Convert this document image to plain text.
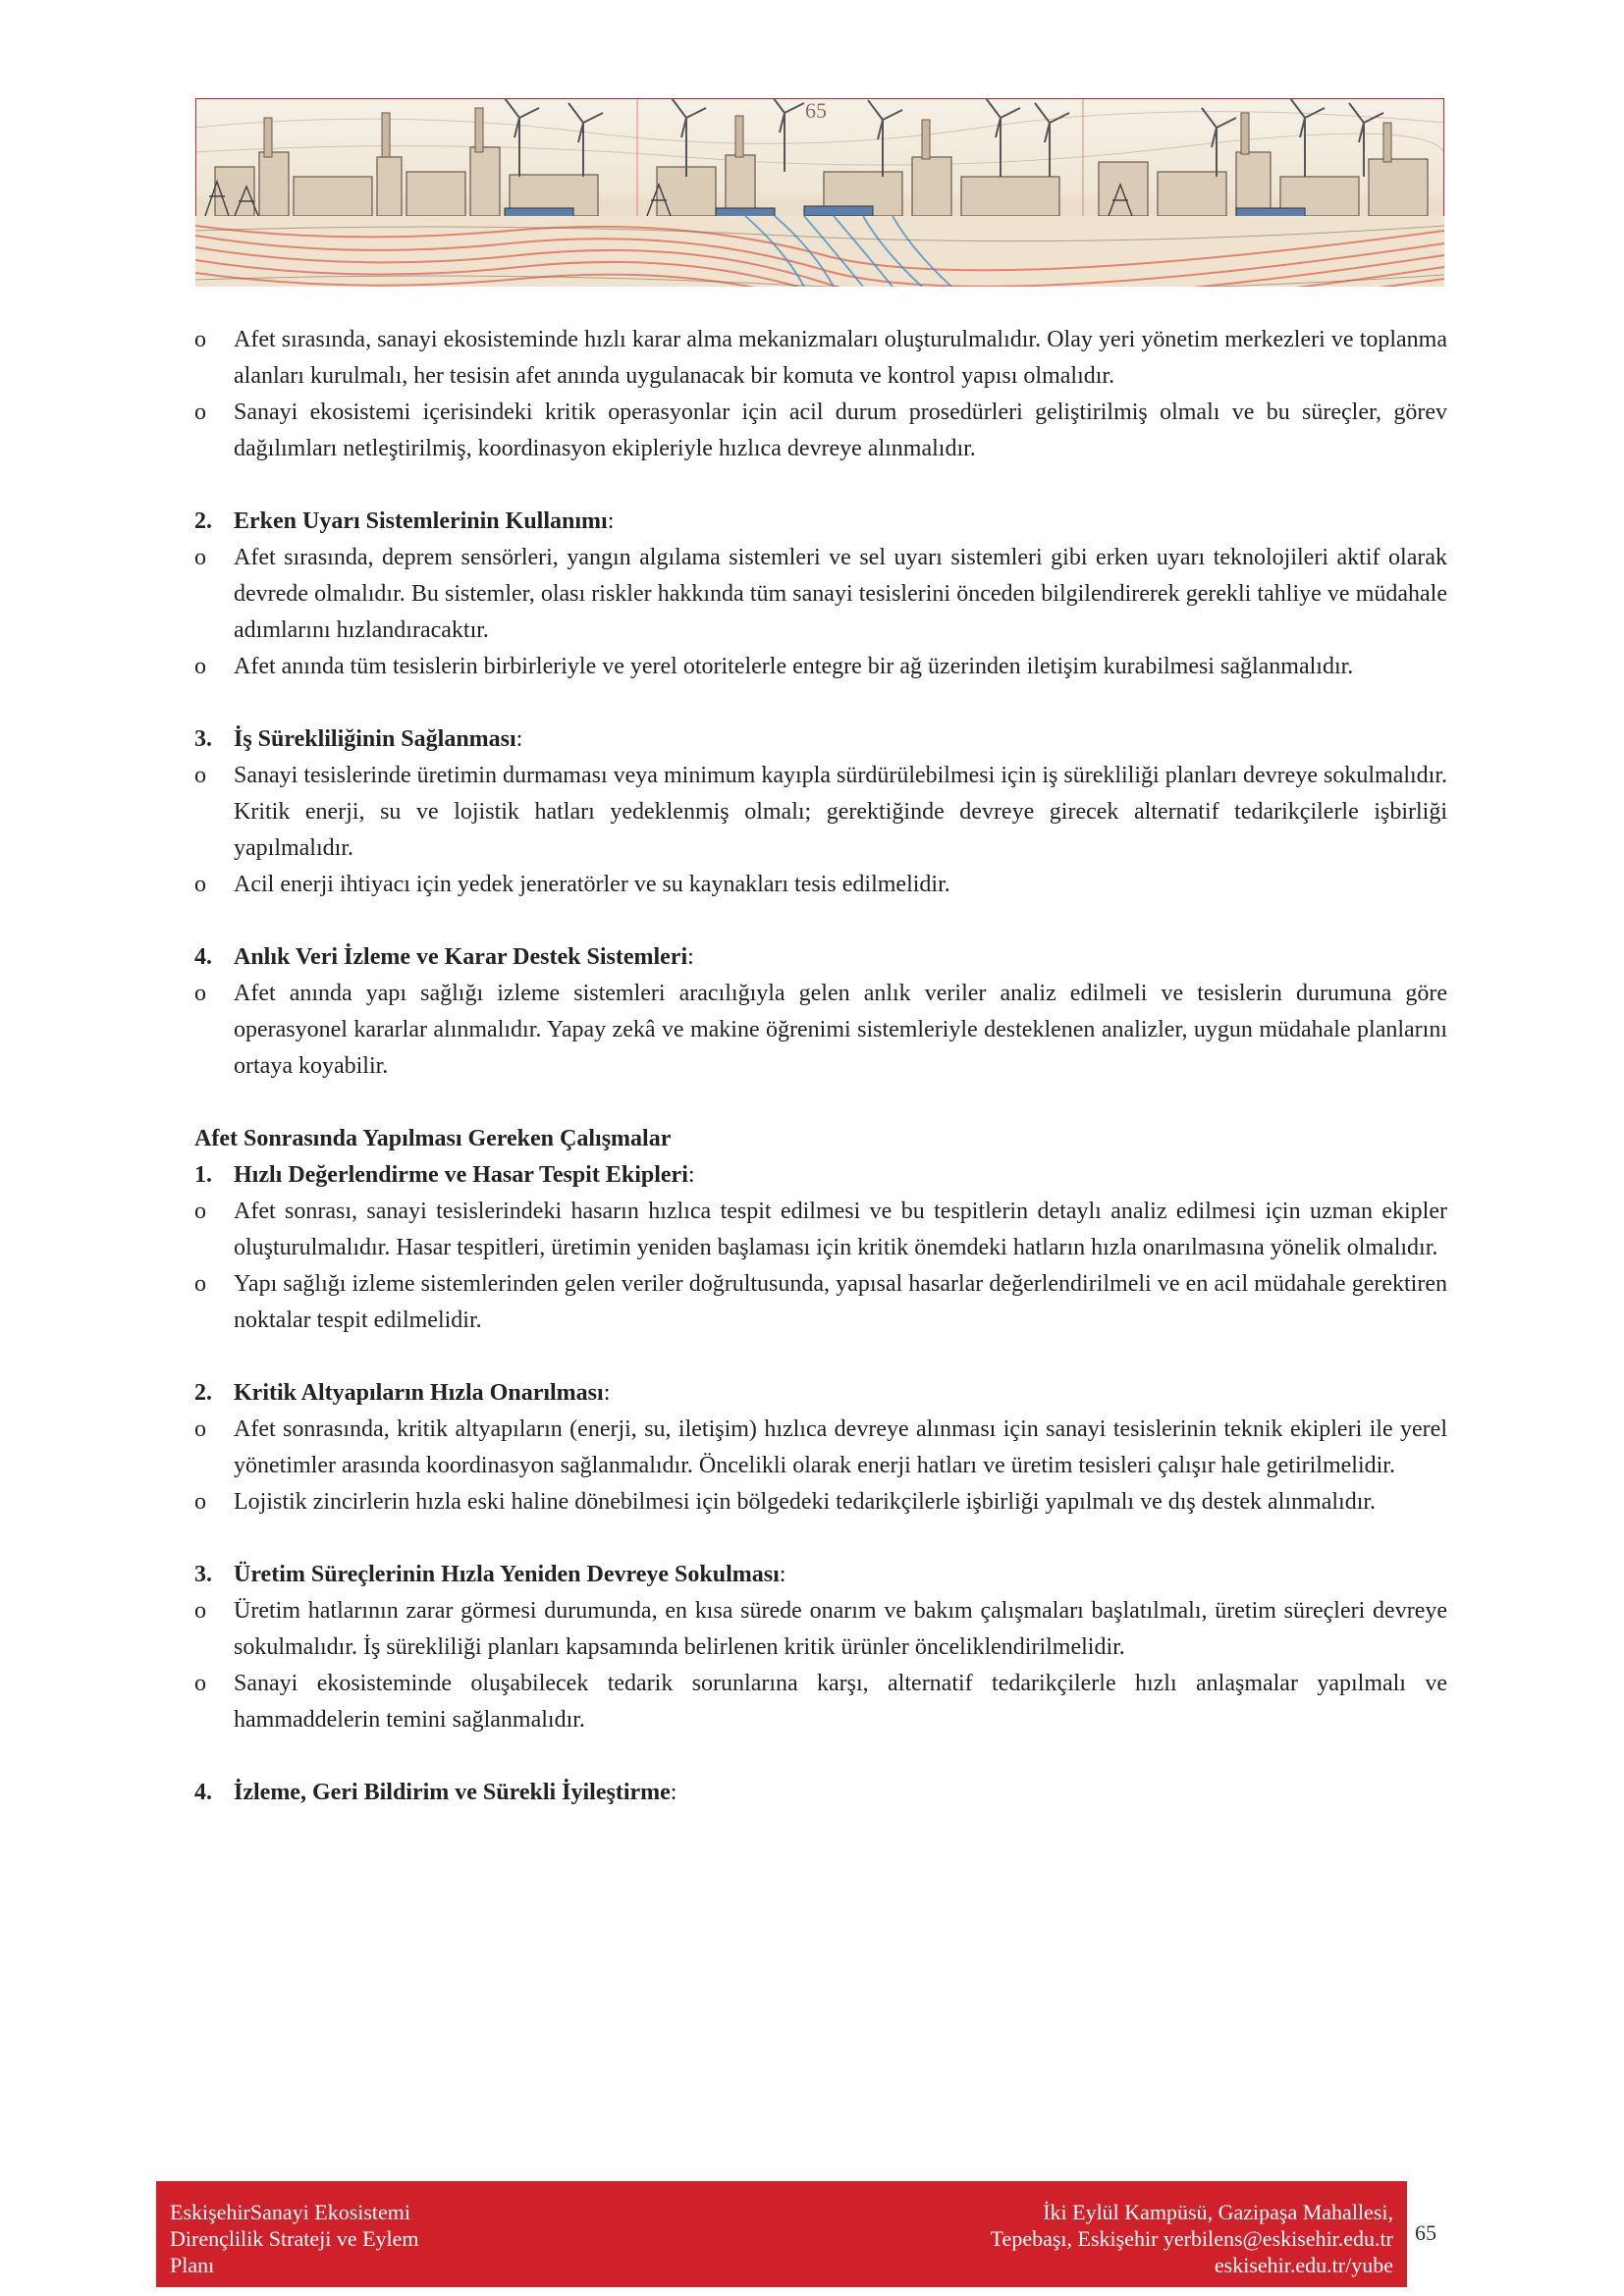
65
o	Afet sırasında, sanayi ekosisteminde hızlı karar alma mekanizmaları oluşturulmalıdır. Olay yeri yönetim merkezleri ve toplanma alanları kurulmalı, her tesisin afet anında uygulanacak bir komuta ve kontrol yapısı olmalıdır.
o	Sanayi ekosistemi içerisindeki kritik operasyonlar için acil durum prosedürleri geliştirilmiş olmalı ve bu süreçler, görev dağılımları netleştirilmiş, koordinasyon ekipleriyle hızlıca devreye alınmalıdır.
2. Erken Uyarı Sistemlerinin Kullanımı:
o	Afet sırasında, deprem sensörleri, yangın algılama sistemleri ve sel uyarı sistemleri gibi erken uyarı teknolojileri aktif olarak devrede olmalıdır. Bu sistemler, olası riskler hakkında tüm sanayi tesislerini önceden bilgilendirerek gerekli tahliye ve müdahale adımlarını hızlandıracaktır.
o	Afet anında tüm tesislerin birbirleriyle ve yerel otoritelerle entegre bir ağ üzerinden iletişim kurabilmesi sağlanmalıdır.
3. İş Sürekliliğinin Sağlanması:
o	Sanayi tesislerinde üretimin durmaması veya minimum kayıpla sürdürülebilmesi için iş sürekliliği planları devreye sokulmalıdır. Kritik enerji, su ve lojistik hatları yedeklenmiş olmalı; gerektiğinde devreye girecek alternatif tedarikçilerle işbirliği yapılmalıdır.
o	Acil enerji ihtiyacı için yedek jeneratörler ve su kaynakları tesis edilmelidir.
4. Anlık Veri İzleme ve Karar Destek Sistemleri:
o	Afet anında yapı sağlığı izleme sistemleri aracılığıyla gelen anlık veriler analiz edilmeli ve tesislerin durumuna göre operasyonel kararlar alınmalıdır. Yapay zekâ ve makine öğrenimi sistemleriyle desteklenen analizler, uygun müdahale planlarını ortaya koyabilir.
Afet Sonrasında Yapılması Gereken Çalışmalar
1. Hızlı Değerlendirme ve Hasar Tespit Ekipleri:
o	Afet sonrası, sanayi tesislerindeki hasarın hızlıca tespit edilmesi ve bu tespitlerin detaylı analiz edilmesi için uzman ekipler oluşturulmalıdır. Hasar tespitleri, üretimin yeniden başlaması için kritik önemdeki hatların hızla onarılmasına yönelik olmalıdır.
o	Yapı sağlığı izleme sistemlerinden gelen veriler doğrultusunda, yapısal hasarlar değerlendirilmeli ve en acil müdahale gerektiren noktalar tespit edilmelidir.
2. Kritik Altyapıların Hızla Onarılması:
o	Afet sonrasında, kritik altyapıların (enerji, su, iletişim) hızlıca devreye alınması için sanayi tesislerinin teknik ekipleri ile yerel yönetimler arasında koordinasyon sağlanmalıdır. Öncelikli olarak enerji hatları ve üretim tesisleri çalışır hale getirilmelidir.
o	Lojistik zincirlerin hızla eski haline dönebilmesi için bölgedeki tedarikçilerle işbirliği yapılmalı ve dış destek alınmalıdır.
3. Üretim Süreçlerinin Hızla Yeniden Devreye Sokulması:
o	Üretim hatlarının zarar görmesi durumunda, en kısa sürede onarım ve bakım çalışmaları başlatılmalı, üretim süreçleri devreye sokulmalıdır. İş sürekliliği planları kapsamında belirlenen kritik ürünler önceliklendirilmelidir.
o	Sanayi ekosisteminde oluşabilecek tedarik sorunlarına karşı, alternatif tedarikçilerle hızlı anlaşmalar yapılmalı ve hammaddelerin temini sağlanmalıdır.
4. İzleme, Geri Bildirim ve Sürekli İyileştirme:
EskişehirSanayi Ekosistemi
Dirençlilik Strateji ve Eylem
Planı
İki Eylül Kampüsü, Gazipaşa Mahallesi,
Tepebaşı, Eskişehir yerbilens@eskisehir.edu.tr
eskisehir.edu.tr/yube
65
